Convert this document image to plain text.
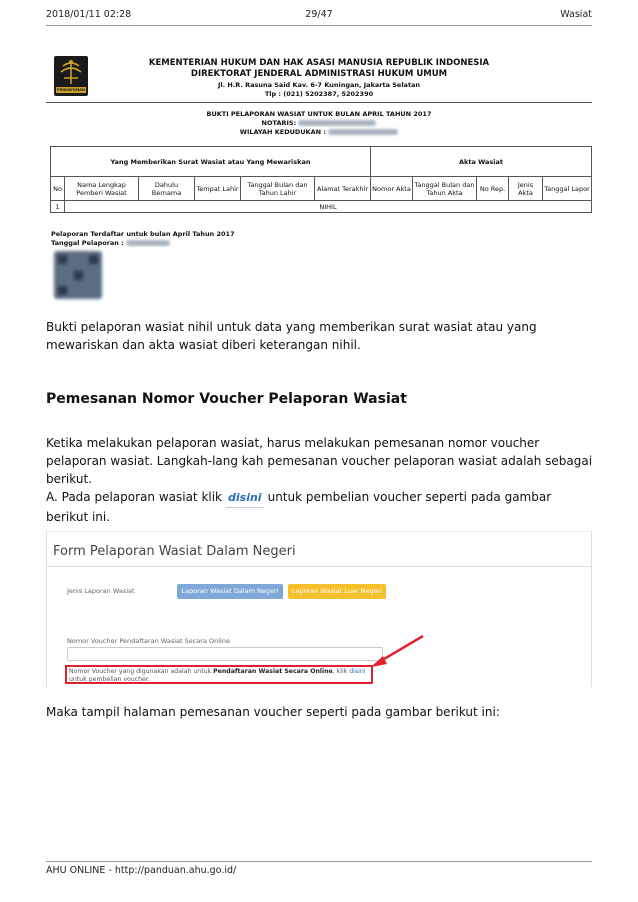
2018/01/11 02:28	29/47	Wasiat
PENGAYOMAN
KEMENTERIAN HUKUM DAN HAK ASASI MANUSIA REPUBLIK INDONESIA
DIREKTORAT JENDERAL ADMINISTRASI HUKUM UMUM
Jl. H.R. Rasuna Said Kav. 6-7 Kuningan, Jakarta Selatan
Tlp : (021) 5202387, 5202390
BUKTI PELAPORAN WASIAT UNTUK BULAN APRIL TAHUN 2017
NOTARIS:
WILAYAH KEDUDUKAN :
Yang Memberikan Surat Wasiat atau Yang Mewariskan						Akta Wasiat				
No	Nama Lengkap Pemberi Wasiat	Dahulu Bernama	Tempat Lahir	Tanggal Bulan dan Tahun Lahir	Alamat Terakhir	Nomor Akta	Tanggal Bulan dan Tahun Akta	No Rep.	Jenis Akta	Tanggal Lapor
1	NIHIL									
Pelaporan Terdaftar untuk bulan April Tahun 2017
Tanggal Pelaporan :
Bukti pelaporan wasiat nihil untuk data yang memberikan surat wasiat atau yang mewariskan dan akta wasiat diberi keterangan nihil.
Pemesanan Nomor Voucher Pelaporan Wasiat
Ketika melakukan pelaporan wasiat, harus melakukan pemesanan nomor voucher pelaporan wasiat. Langkah-lang kah pemesanan voucher pelaporan wasiat adalah sebagai berikut.
A. Pada pelaporan wasiat klik disini untuk pembelian voucher seperti pada gambar berikut ini.
Form Pelaporan Wasiat Dalam Negeri
Jenis Laporan Wasiat	Laporan Wasiat Dalam Negeri	Laporan Wasiat Luar Negeri
Nomor Voucher Pendaftaran Wasiat Secara Online
Nomor Voucher yang digunakan adalah untuk Pendaftaran Wasiat Secara Online, klik disini untuk pembelian voucher.
Maka tampil halaman pemesanan voucher seperti pada gambar berikut ini:
AHU ONLINE - http://panduan.ahu.go.id/
